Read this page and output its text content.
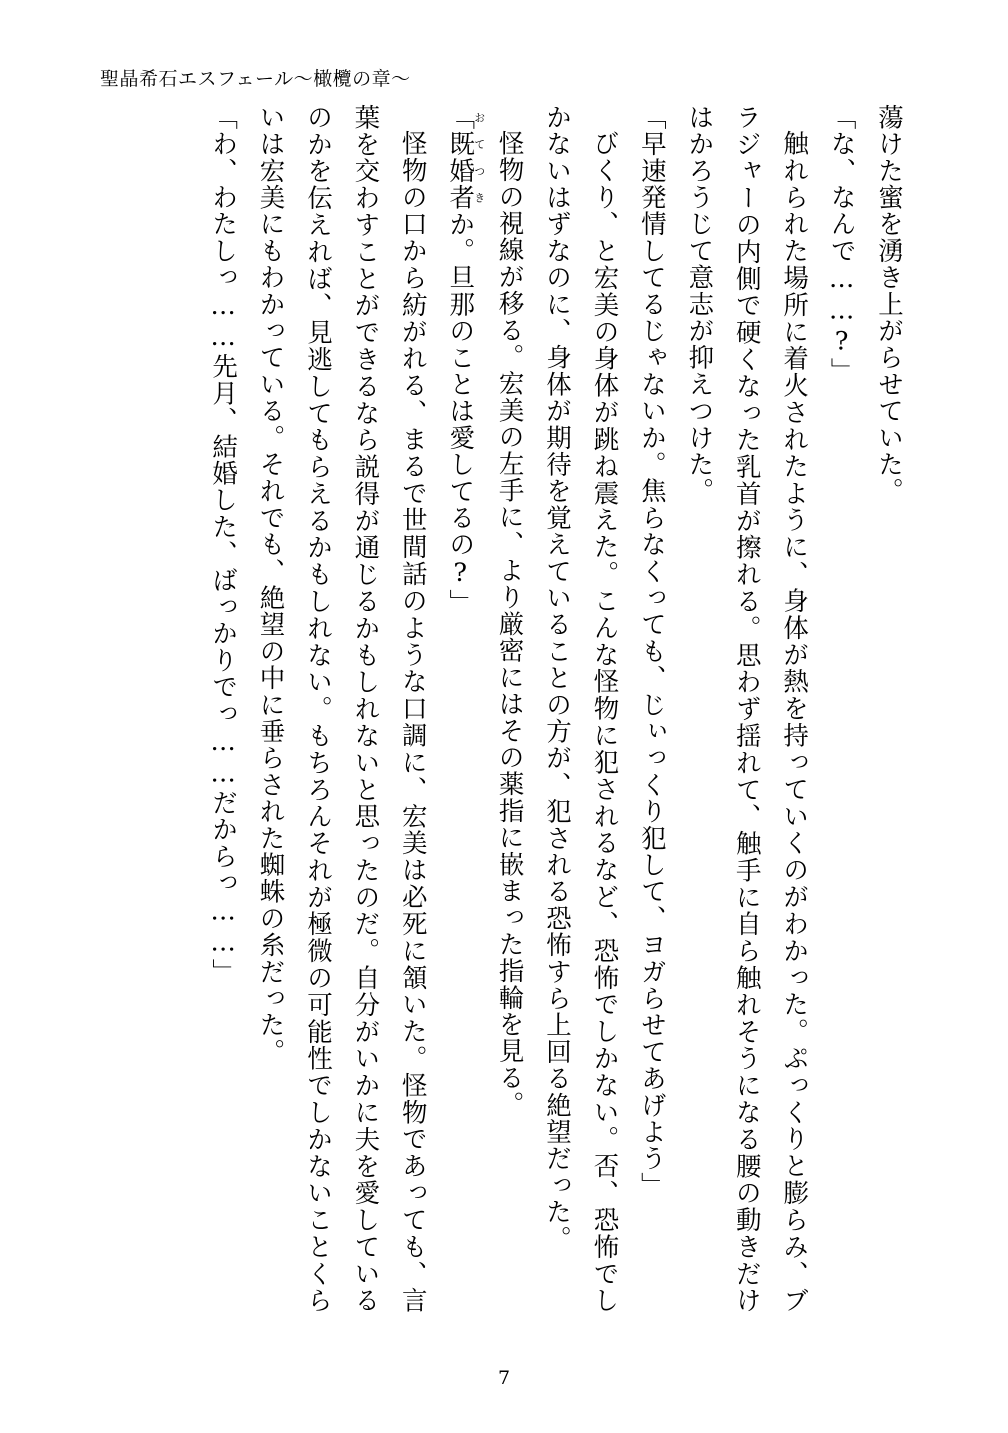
聖晶希石エスフェール〜橄欖の章〜

蕩けた蜜を湧き上がらせていた。

「な、なんで……?」

触れられた場所に着火されたように、身体が熱を持っていくのがわかった。ぷっくりと膨らみ、ブラジャーの内側で硬くなった乳首が擦れる。思わず揺れて、触手に自ら触れそうになる腰の動きだけはかろうじて意志が抑えつけた。

「早速発情してるじゃないか。焦らなくっても、じぃっくり犯して、ヨガらせてあげよう」

びくり、と宏美の身体が跳ね震えた。こんな怪物に犯されるなど、恐怖でしかない。否、恐怖でしかないはずなのに、身体が期待を覚えていることの方が、犯される恐怖すら上回る絶望だった。

怪物の視線が移る。宏美の左手に、より厳密にはその薬指に嵌まった指輪を見る。

「既婚者おてつきか。旦那のことは愛してるの?」

怪物の口から紡がれる、まるで世間話のような口調に、宏美は必死に頷いた。怪物であっても、言葉を交わすことができるなら説得が通じるかもしれないと思ったのだ。自分がいかに夫を愛しているのかを伝えれば、見逃してもらえるかもしれない。もちろんそれが極微の可能性でしかないことくらいは宏美にもわかっている。それでも、絶望の中に垂らされた蜘蛛の糸だった。

「わ、わたしっ……先月、結婚した、ばっかりでっ……だからっ……」

7
